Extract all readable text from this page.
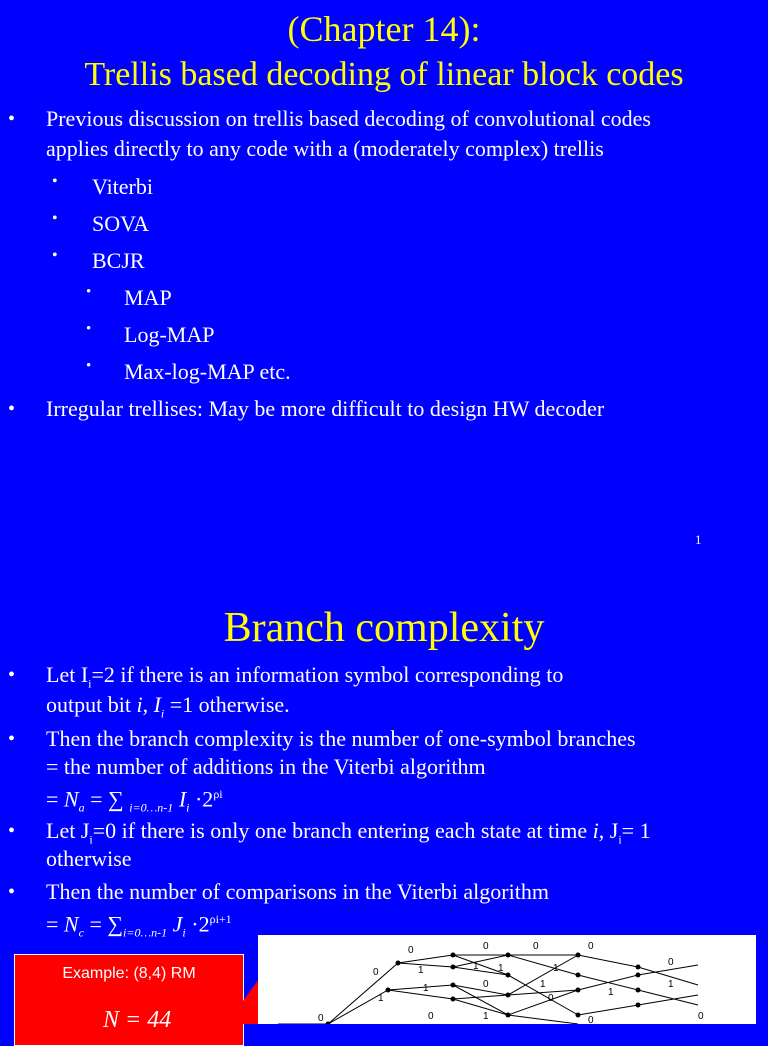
(Chapter 14):
Trellis based decoding of linear block codes
• Previous discussion on trellis based decoding of convolutional codes
applies directly to any code with a (moderately complex) trellis
• Viterbi
• SOVA
• BCJR
• MAP
• Log-MAP
• Max-log-MAP etc.
• Irregular trellises: May be more difficult to design HW decoder
1
Branch complexity
• Let $I_i=2$ if there is an information symbol corresponding to
output bit i, $I_i =1$ otherwise.
• Then the branch complexity is the number of one-symbol branches
= the number of additions in the Viterbi algorithm
= $N_a$ = ∑ $_{i=0\dots n-1}$ $I_i \cdot 2^{\rho i}$
• Let $J_i=0$ if there is only one branch entering each state at time i, $J_i= 1$
otherwise
• Then the number of comparisons in the Viterbi algorithm
= $N_c = \sum_{i=0\dots n-1}$ $J_i \cdot 2^{\rho i+1}$
Example: (8,4) RM
N = 44
0	0	0	0
0	1	1 1	1
1	0	1
1	0
1
0	0
0
1
0
1
0
